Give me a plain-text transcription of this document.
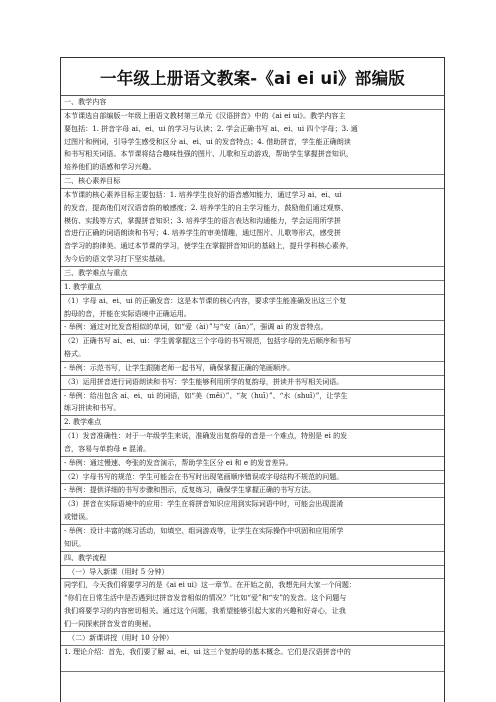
一年级上册语文教案-《ai ei ui》部编版
一、教学内容
本节课选自部编版一年级上册语文教材第三单元《汉语拼音》中的《ai ei ui》。教学内容主
要包括：1. 拼音字母 ai、ei、ui 的学习与认读；2. 学会正确书写 ai、ei、ui 四个字母；3. 通
过图片和例词，引导学生感受和区分 ai、ei、ui 的发音特点；4. 借助拼音，学生能正确朗读
和书写相关词语。本节课将结合趣味性强的图片、儿歌和互动游戏，帮助学生掌握拼音知识，
培养他们的语感和学习兴趣。
二、核心素养目标
本节课的核心素养目标主要包括：1. 培养学生良好的语音感知能力，通过学习 ai、ei、ui
的发音，提高他们对汉语音韵的敏感度；2. 培养学生的自主学习能力，鼓励他们通过观察、
模仿、实践等方式，掌握拼音知识；3. 培养学生的语言表达和沟通能力，学会运用所学拼
音进行正确的词语朗读和书写；4. 培养学生的审美情趣，通过图片、儿歌等形式，感受拼
音学习的韵律美。通过本节课的学习，使学生在掌握拼音知识的基础上，提升学科核心素养，
为今后的语文学习打下坚实基础。
三、教学难点与重点
1. 教学重点
（1）字母 ai、ei、ui 的正确发音：这是本节课的核心内容，要求学生能准确发出这三个复
韵母的音，并能在实际语境中正确运用。
- 举例：通过对比发音相似的单词，如“爱（ài）”与“安（ān）”，强调 ai 的发音特点。
（2）正确书写 ai、ei、ui：学生需掌握这三个字母的书写规范，包括字母的先后顺序和书写
格式。
- 举例：示范书写，让学生跟随老师一起书写，确保掌握正确的笔画顺序。
（3）运用拼音进行词语朗读和书写：学生能够利用所学的复韵母，拼读并书写相关词语。
- 举例：给出包含 ai、ei、ui 的词语，如“美（měi）”、“灰（huī）”、“水（shuǐ）”，让学生
练习拼读和书写。
2. 教学难点
（1）发音准确性：对于一年级学生来说，准确发出复韵母的音是一个难点，特别是 ei 的发
音，容易与单韵母 e 混淆。
- 举例：通过慢速、夸张的发音演示，帮助学生区分 ei 和 e 的发音差异。
（2）字母书写的规范：学生可能会在书写时出现笔画顺序错误或字母结构不规范的问题。
- 举例：提供详细的书写步骤和图示，反复练习，确保学生掌握正确的书写方法。
（3）拼音在实际语境中的应用：学生在将拼音知识应用到实际词语中时，可能会出现混淆
或错误。
- 举例：设计丰富的练习活动，如填空、组词游戏等，让学生在实际操作中巩固和应用所学
知识。
四、教学流程
（一）导入新课（用时 5 分钟）
同学们，今天我们将要学习的是《ai ei ui》这一章节。在开始之前，我想先问大家一个问题：
“你们在日常生活中是否遇到过拼音发音相似的情况？”比如“爱”和“安”的发音。这个问题与
我们将要学习的内容密切相关。通过这个问题，我希望能够引起大家的兴趣和好奇心，让我
们一同探索拼音发音的奥秘。
（二）新课讲授（用时 10 分钟）
1. 理论介绍：首先，我们要了解 ai、ei、ui 这三个复韵母的基本概念。它们是汉语拼音中的
